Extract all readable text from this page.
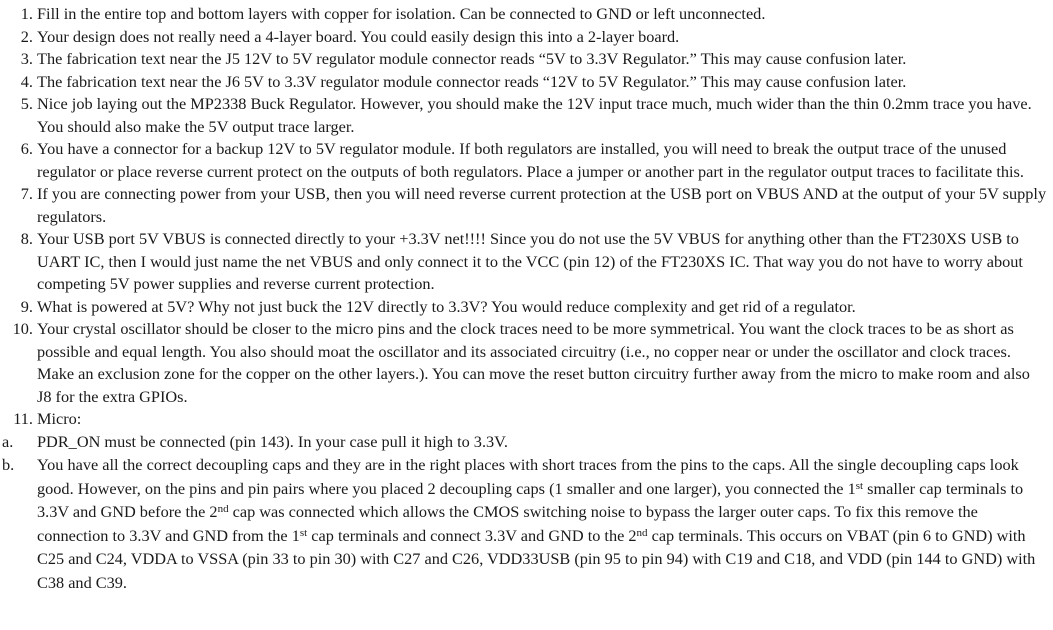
1. Fill in the entire top and bottom layers with copper for isolation. Can be connected to GND or left unconnected.
2. Your design does not really need a 4-layer board. You could easily design this into a 2-layer board.
3. The fabrication text near the J5 12V to 5V regulator module connector reads “5V to 3.3V Regulator.” This may cause confusion later.
4. The fabrication text near the J6 5V to 3.3V regulator module connector reads “12V to 5V Regulator.” This may cause confusion later.
5. Nice job laying out the MP2338 Buck Regulator. However, you should make the 12V input trace much, much wider than the thin 0.2mm trace you have. You should also make the 5V output trace larger.
6. You have a connector for a backup 12V to 5V regulator module. If both regulators are installed, you will need to break the output trace of the unused regulator or place reverse current protect on the outputs of both regulators. Place a jumper or another part in the regulator output traces to facilitate this.
7. If you are connecting power from your USB, then you will need reverse current protection at the USB port on VBUS AND at the output of your 5V supply regulators.
8. Your USB port 5V VBUS is connected directly to your +3.3V net!!!! Since you do not use the 5V VBUS for anything other than the FT230XS USB to UART IC, then I would just name the net VBUS and only connect it to the VCC (pin 12) of the FT230XS IC. That way you do not have to worry about competing 5V power supplies and reverse current protection.
9. What is powered at 5V? Why not just buck the 12V directly to 3.3V? You would reduce complexity and get rid of a regulator.
10. Your crystal oscillator should be closer to the micro pins and the clock traces need to be more symmetrical. You want the clock traces to be as short as possible and equal length. You also should moat the oscillator and its associated circuitry (i.e., no copper near or under the oscillator and clock traces. Make an exclusion zone for the copper on the other layers.). You can move the reset button circuitry further away from the micro to make room and also J8 for the extra GPIOs.
11. Micro:
a. PDR_ON must be connected (pin 143). In your case pull it high to 3.3V.
b. You have all the correct decoupling caps and they are in the right places with short traces from the pins to the caps. All the single decoupling caps look good. However, on the pins and pin pairs where you placed 2 decoupling caps (1 smaller and one larger), you connected the 1st smaller cap terminals to 3.3V and GND before the 2nd cap was connected which allows the CMOS switching noise to bypass the larger outer caps. To fix this remove the connection to 3.3V and GND from the 1st cap terminals and connect 3.3V and GND to the 2nd cap terminals. This occurs on VBAT (pin 6 to GND) with C25 and C24, VDDA to VSSA (pin 33 to pin 30) with C27 and C26, VDD33USB (pin 95 to pin 94) with C19 and C18, and VDD (pin 144 to GND) with C38 and C39.
